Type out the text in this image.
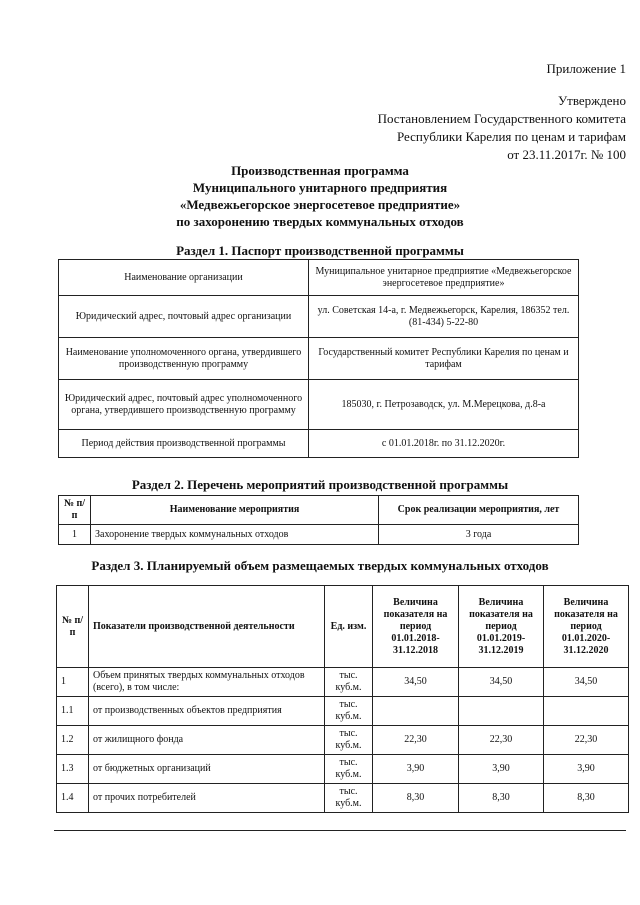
Приложение 1
Утверждено
Постановлением Государственного комитета
Республики Карелия по ценам и тарифам
от 23.11.2017г. № 100
Производственная программа
Муниципального унитарного предприятия
«Медвежьегорское энергосетевое предприятие»
по захоронению твердых коммунальных отходов
Раздел 1. Паспорт производственной программы
Наименование организации	Муниципальное унитарное предприятие «Медвежьегорское энергосетевое предприятие»
Юридический адрес, почтовый адрес организации	ул. Советская 14-а, г. Медвежьегорск, Карелия, 186352 тел. (81-434) 5-22-80
Наименование уполномоченного органа, утвердившего производственную программу	Государственный комитет Республики Карелия по ценам и тарифам
Юридический адрес, почтовый адрес уполномоченного органа, утвердившего производственную программу	185030, г. Петрозаводск, ул. М.Мерецкова, д.8-а
Период действия производственной программы	с 01.01.2018г. по 31.12.2020г.
Раздел 2. Перечень мероприятий производственной программы
№ п/п	Наименование мероприятия	Срок реализации мероприятия, лет
1	Захоронение твердых коммунальных отходов	3 года
Раздел 3. Планируемый объем размещаемых твердых коммунальных отходов
№ п/п	Показатели производственной деятельности	Ед. изм.	Величина показателя на период 01.01.2018-31.12.2018	Величина показателя на период 01.01.2019-31.12.2019	Величина показателя на период 01.01.2020-31.12.2020
1	Объем принятых твердых коммунальных отходов (всего), в том числе:	тыс. куб.м.	34,50	34,50	34,50
1.1	от производственных объектов предприятия	тыс. куб.м.			
1.2	от жилищного фонда	тыс. куб.м.	22,30	22,30	22,30
1.3	от бюджетных организаций	тыс. куб.м.	3,90	3,90	3,90
1.4	от прочих потребителей	тыс. куб.м.	8,30	8,30	8,30
